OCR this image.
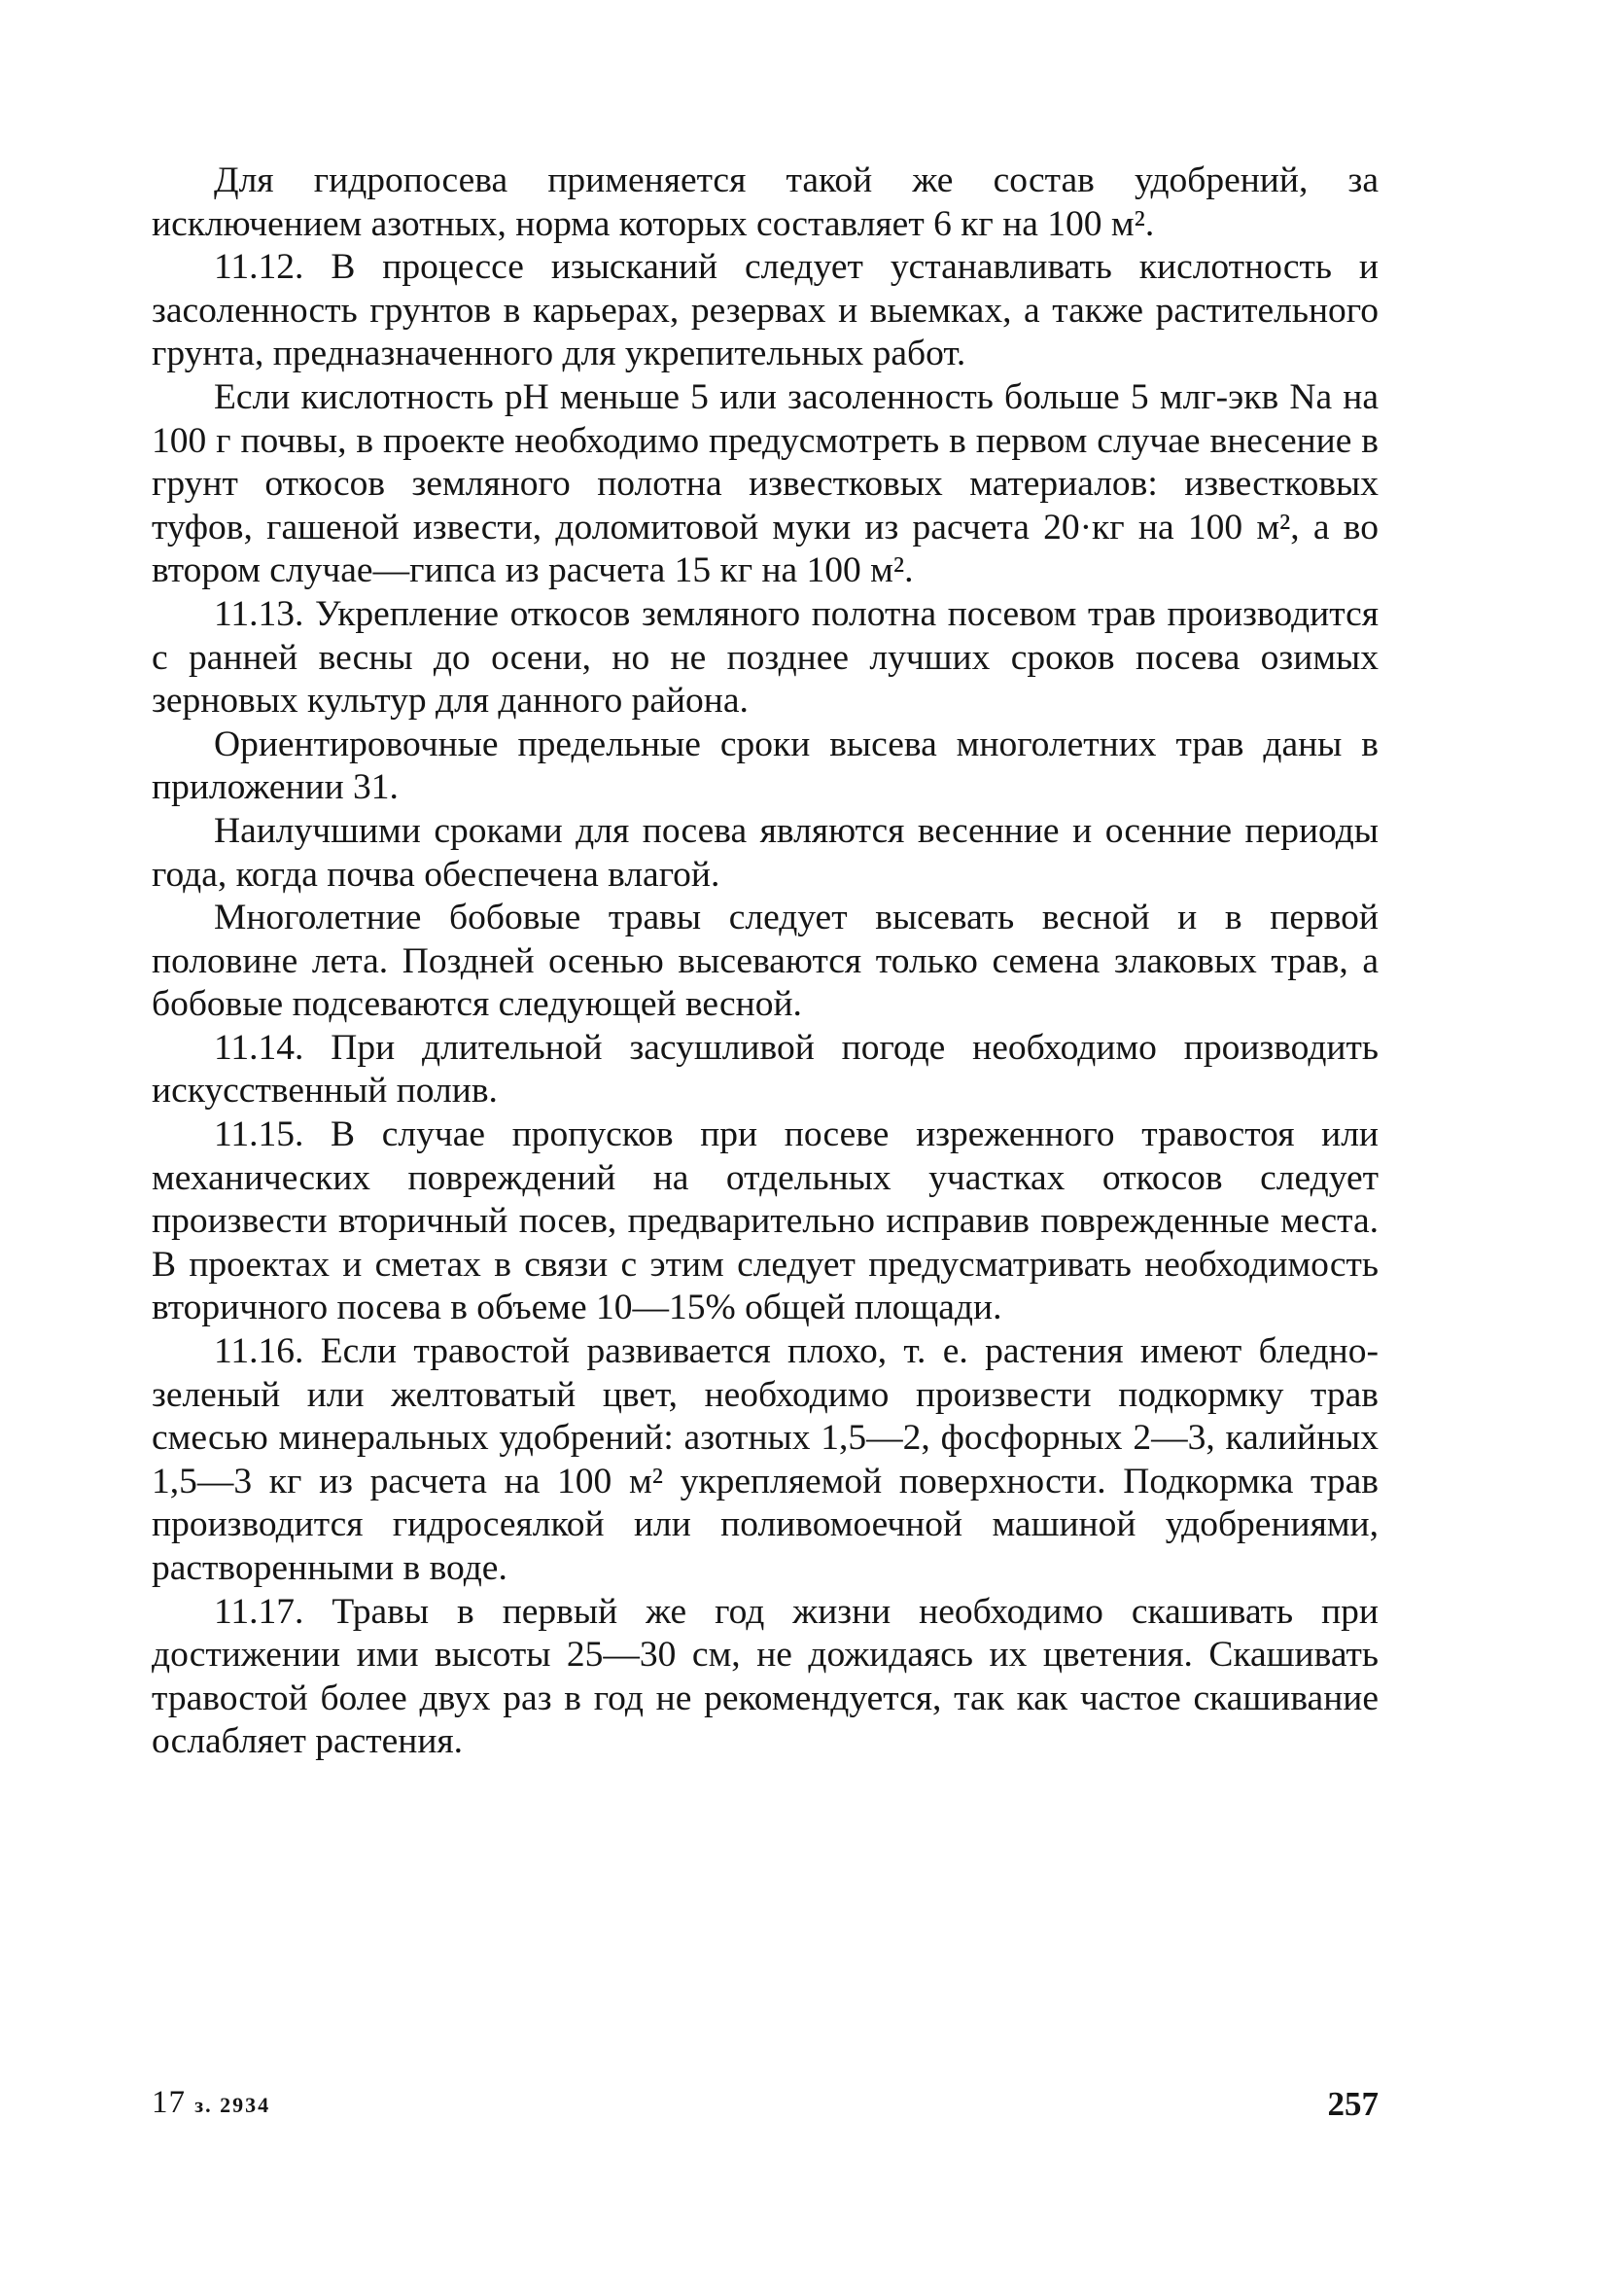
Для гидропосева применяется такой же состав удобрений, за исключением азотных, норма которых составляет 6 кг на 100 м².

11.12. В процессе изысканий следует устанавливать кислотность и засоленность грунтов в карьерах, резервах и выемках, а также растительного грунта, предназначенного для укрепительных работ.

Если кислотность pH меньше 5 или засоленность больше 5 млг-экв Na на 100 г почвы, в проекте необходимо предусмотреть в первом случае внесение в грунт откосов земляного полотна известковых материалов: известковых туфов, гашеной извести, доломитовой муки из расчета 20·кг на 100 м², а во втором случае—гипса из расчета 15 кг на 100 м².

11.13. Укрепление откосов земляного полотна посевом трав производится с ранней весны до осени, но не позднее лучших сроков посева озимых зерновых культур для данного района.

Ориентировочные предельные сроки высева многолетних трав даны в приложении 31.

Наилучшими сроками для посева являются весенние и осенние периоды года, когда почва обеспечена влагой.

Многолетние бобовые травы следует высевать весной и в первой половине лета. Поздней осенью высеваются только семена злаковых трав, а бобовые подсеваются следующей весной.

11.14. При длительной засушливой погоде необходимо производить искусственный полив.

11.15. В случае пропусков при посеве изреженного травостоя или механических повреждений на отдельных участках откосов следует произвести вторичный посев, предварительно исправив поврежденные места. В проектах и сметах в связи с этим следует предусматривать необходимость вторичного посева в объеме 10—15% общей площади.

11.16. Если травостой развивается плохо, т. е. растения имеют бледно-зеленый или желтоватый цвет, необходимо произвести подкормку трав смесью минеральных удобрений: азотных 1,5—2, фосфорных 2—3, калийных 1,5—3 кг из расчета на 100 м² укрепляемой поверхности. Подкормка трав производится гидросеялкой или поливомоечной машиной удобрениями, растворенными в воде.

11.17. Травы в первый же год жизни необходимо скашивать при достижении ими высоты 25—30 см, не дожидаясь их цветения. Скашивать травостой более двух раз в год не рекомендуется, так как частое скашивание ослабляет растения.

17 з. 2934	257
